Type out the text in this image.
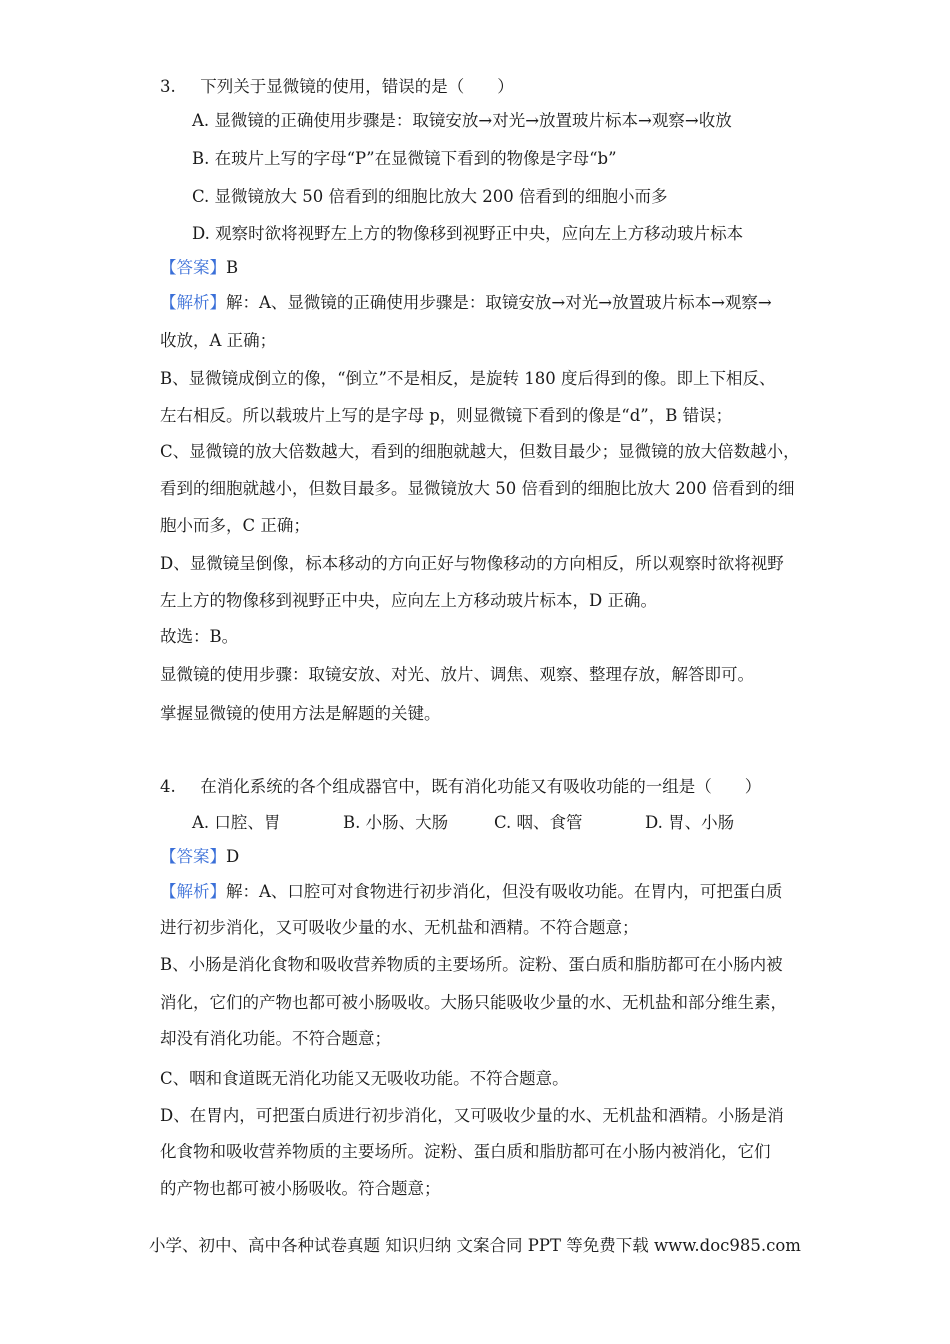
3. 下列关于显微镜的使用，错误的是（　　）
A. 显微镜的正确使用步骤是：取镜安放→对光→放置玻片标本→观察→收放
B. 在玻片上写的字母“P”在显微镜下看到的物像是字母“b”
C. 显微镜放大 50 倍看到的细胞比放大 200 倍看到的细胞小而多
D. 观察时欲将视野左上方的物像移到视野正中央，应向左上方移动玻片标本
【答案】B
【解析】解：A、显微镜的正确使用步骤是：取镜安放→对光→放置玻片标本→观察→
收放，A 正确；
B、显微镜成倒立的像，“倒立”不是相反，是旋转 180 度后得到的像。即上下相反、
左右相反。所以载玻片上写的是字母 p，则显微镜下看到的像是“d”，B 错误；
C、显微镜的放大倍数越大，看到的细胞就越大，但数目最少；显微镜的放大倍数越小，
看到的细胞就越小，但数目最多。显微镜放大 50 倍看到的细胞比放大 200 倍看到的细
胞小而多，C 正确；
D、显微镜呈倒像，标本移动的方向正好与物像移动的方向相反，所以观察时欲将视野
左上方的物像移到视野正中央，应向左上方移动玻片标本，D 正确。
故选：B。
显微镜的使用步骤：取镜安放、对光、放片、调焦、观察、整理存放，解答即可。
掌握显微镜的使用方法是解题的关键。
4. 在消化系统的各个组成器官中，既有消化功能又有吸收功能的一组是（　　）
A. 口腔、胃	B. 小肠、大肠	C. 咽、食管	D. 胃、小肠
【答案】D
【解析】解：A、口腔可对食物进行初步消化，但没有吸收功能。在胃内，可把蛋白质
进行初步消化，又可吸收少量的水、无机盐和酒精。不符合题意；
B、小肠是消化食物和吸收营养物质的主要场所。淀粉、蛋白质和脂肪都可在小肠内被
消化，它们的产物也都可被小肠吸收。大肠只能吸收少量的水、无机盐和部分维生素，
却没有消化功能。不符合题意；
C、咽和食道既无消化功能又无吸收功能。不符合题意。
D、在胃内，可把蛋白质进行初步消化，又可吸收少量的水、无机盐和酒精。小肠是消
化食物和吸收营养物质的主要场所。淀粉、蛋白质和脂肪都可在小肠内被消化，它们
的产物也都可被小肠吸收。符合题意；
小学、初中、高中各种试卷真题 知识归纳 文案合同 PPT 等免费下载 www.doc985.com
